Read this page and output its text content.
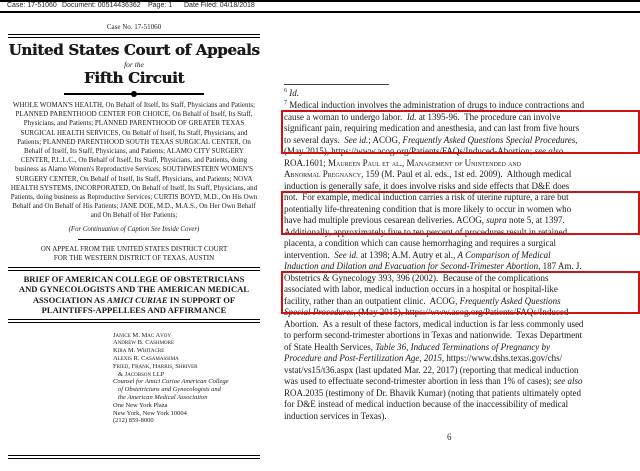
Case: 17-51060 Document: 00514436362 Page: 1 Date Filed: 04/18/2018
Case No. 17-51060
United States Court of Appeals
for the
Fifth Circuit
WHOLE WOMAN'S HEALTH, On Behalf of Itself, Its Staff, Physicians and Patients; PLANNED PARENTHOOD CENTER FOR CHOICE, On Behalf of Itself, Its Staff, Physicians, and Patients; PLANNED PARENTHOOD OF GREATER TEXAS SURGICAL HEALTH SERVICES, On Behalf of Itself, Its Staff, Physicians, and Patients; PLANNED PARENTHOOD SOUTH TEXAS SURGICAL CENTER, On Behalf of Itself, Its Staff, Physicians, and Patients; ALAMO CITY SURGERY CENTER, P.L.L.C., On Behalf of Itself, Its Staff, Physicians, and Patients, doing business as Alamo Women's Reproductive Services; SOUTHWESTERN WOMEN'S SURGERY CENTER, On Behalf of Itself, Its Staff, Physicians, and Patients; NOVA HEALTH SYSTEMS, INCORPORATED, On Behalf of Itself, Its Staff, Physicians, and Patients, doing business as Reproductive Services; CURTIS BOYD, M.D., On His Own Behalf and On Behalf of His Patients; JANE DOE, M.D., M.A.S., On Her Own Behalf and On Behalf of Her Patients;
(For Continuation of Caption See Inside Cover)
ON APPEAL FROM THE UNITED STATES DISTRICT COURT
FOR THE WESTERN DISTRICT OF TEXAS, AUSTIN
BRIEF OF AMERICAN COLLEGE OF OBSTETRICIANS AND GYNECOLOGISTS AND THE AMERICAN MEDICAL ASSOCIATION AS AMICI CURIAE IN SUPPORT OF PLAINTIFFS-APPELLEES AND AFFIRMANCE
Janice M. Mac Avoy
Andrew B. Cashmore
Kira M. Whitacre
Alexis R. Casamassima
Fried, Frank, Harris, Shriver
& Jacobson LLP
Counsel for Amici Curiae American College
of Obstetricians and Gynecologists and
the American Medical Association
One New York Plaza
New York, New York 10004
(212) 859-8000
$^6$ Id.
$^7$ Medical induction involves the administration of drugs to induce contractions and
cause a woman to undergo labor.  Id. at 1395-96.  The procedure can involve
significant pain, requiring medication and anesthesia, and can last from five hours
to several days.  See id.; ACOG, Frequently Asked Questions Special Procedures,
(May 2015), https://www.acog.org/Patients/FAQs/Induced-Abortion; see also
ROA.1601; Maureen Paul et al., Management of Unintended and
Abnormal Pregnancy, 159 (M. Paul et al. eds., 1st ed. 2009).  Although medical
induction is generally safe, it does involve risks and side effects that D&E does
not.  For example, medical induction carries a risk of uterine rupture, a rare but
potentially life-threatening condition that is more likely to occur in women who
have had multiple previous cesarean deliveries. ACOG, supra note 5, at 1397.
Additionally, approximately five to ten percent of procedures result in retained
placenta, a condition which can cause hemorrhaging and requires a surgical
intervention.  See id. at 1398; A.M. Autry et al., A Comparison of Medical
Induction and Dilation and Evacuation for Second-Trimester Abortion, 187 Am. J.
Obstetrics & Gynecology 393, 396 (2002).  Because of the complications
associated with labor, medical induction occurs in a hospital or hospital-like
facility, rather than an outpatient clinic.  ACOG, Frequently Asked Questions
Special Procedures, (May 2015), https://www.acog.org/Patients/FAQs/Induced-
Abortion.  As a result of these factors, medical induction is far less commonly used
to perform second-trimester abortions in Texas and nationwide.  Texas Department
of State Health Services, Table 36, Induced Terminations of Pregnancy by
Procedure and Post-Fertilization Age, 2015, https://www.dshs.texas.gov/chs/
vstat/vs15/t36.aspx (last updated Mar. 22, 2017) (reporting that medical induction
was used to effectuate second-trimester abortion in less than 1% of cases); see also
ROA.2035 (testimony of Dr. Bhavik Kumar) (noting that patients ultimately opted
for D&E instead of medical induction because of the inaccessibility of medical
induction services in Texas).
6
